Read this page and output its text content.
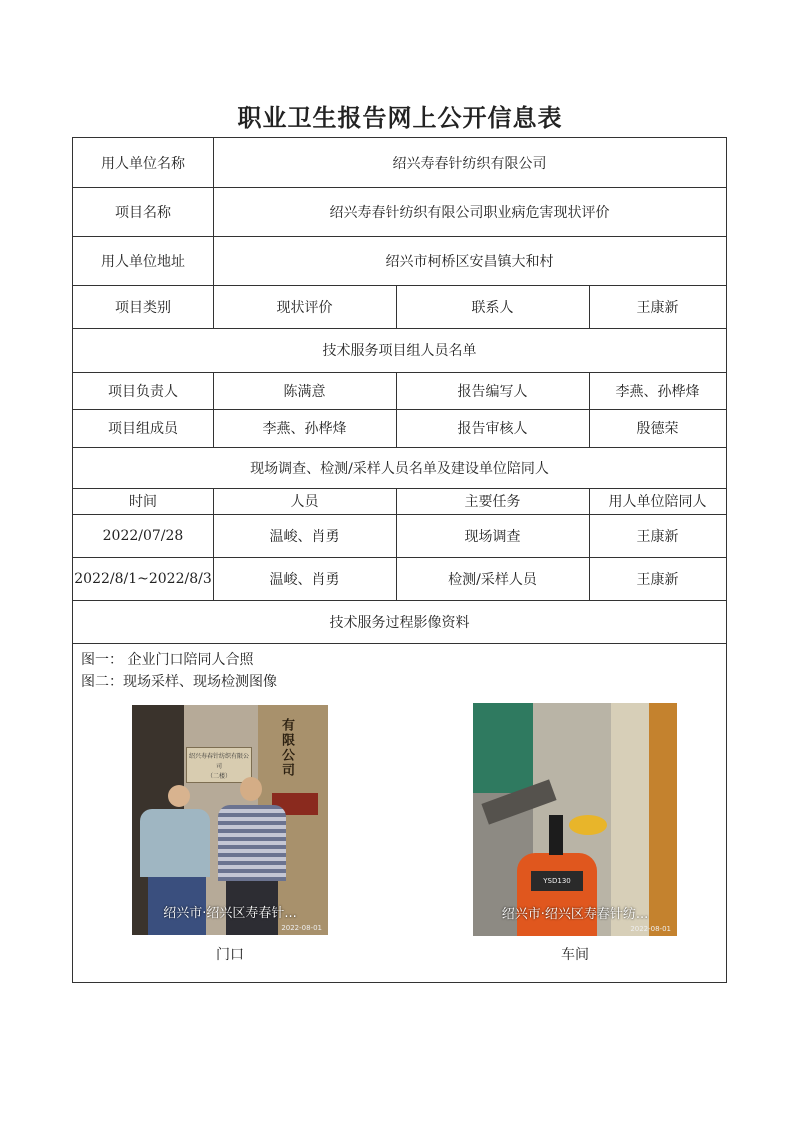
职业卫生报告网上公开信息表
用人单位名称	绍兴寿春针纺织有限公司
项目名称	绍兴寿春针纺织有限公司职业病危害现状评价
用人单位地址	绍兴市柯桥区安昌镇大和村
项目类别	现状评价	联系人	王康新
技术服务项目组人员名单
项目负责人	陈满意	报告编写人	李燕、孙桦烽
项目组成员	李燕、孙桦烽	报告审核人	殷德荣
现场调查、检测/采样人员名单及建设单位陪同人
时间	人员	主要任务	用人单位陪同人
2022/07/28	温峻、肖勇	现场调查	王康新
2022/8/1~2022/8/3	温峻、肖勇	检测/采样人员	王康新
技术服务过程影像资料
图一： 企业门口陪同人合照
图二：现场采样、现场检测图像
有限公司
绍兴寿春针纺织有限公司
（二楼）
绍兴市·绍兴区寿春针...
2022-08-01
门口
YSD130
绍兴市·绍兴区寿春针纺...
2022-08-01
车间
